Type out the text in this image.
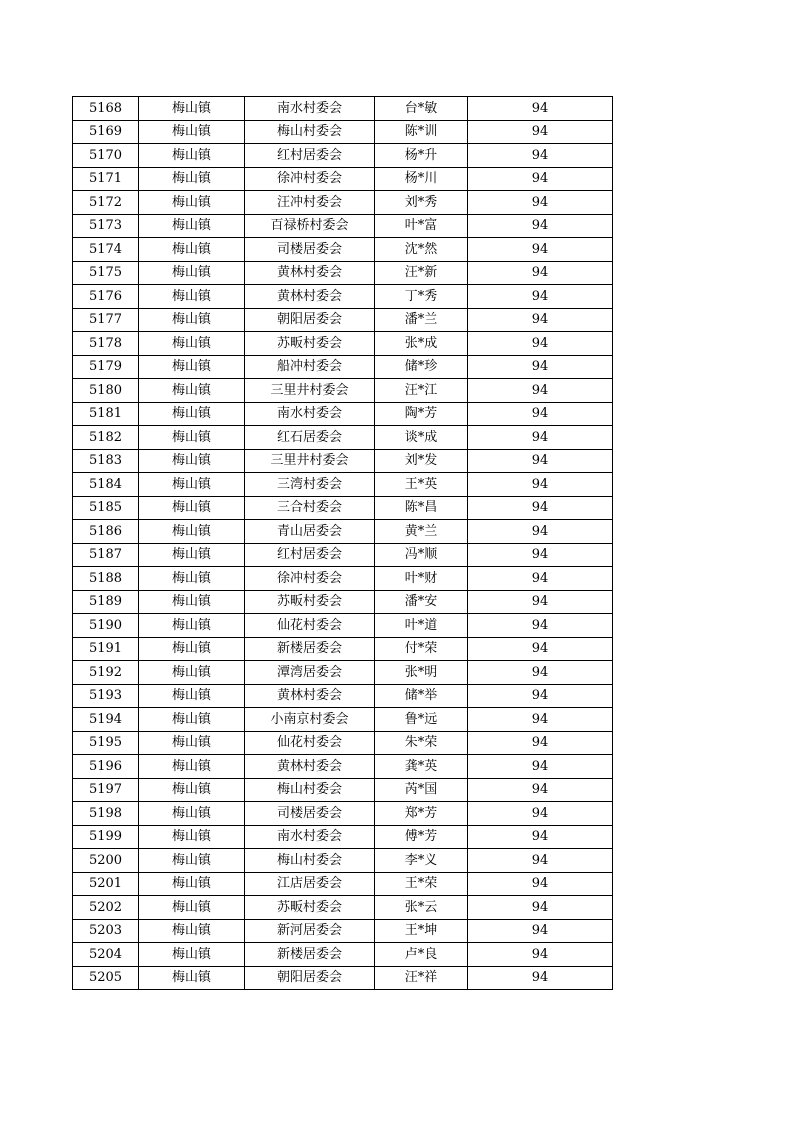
5168	梅山镇	南水村委会	台*敏	94
5169	梅山镇	梅山村委会	陈*训	94
5170	梅山镇	红村居委会	杨*升	94
5171	梅山镇	徐冲村委会	杨*川	94
5172	梅山镇	汪冲村委会	刘*秀	94
5173	梅山镇	百禄桥村委会	叶*富	94
5174	梅山镇	司楼居委会	沈*然	94
5175	梅山镇	黄林村委会	汪*新	94
5176	梅山镇	黄林村委会	丁*秀	94
5177	梅山镇	朝阳居委会	潘*兰	94
5178	梅山镇	苏畈村委会	张*成	94
5179	梅山镇	船冲村委会	储*珍	94
5180	梅山镇	三里井村委会	汪*江	94
5181	梅山镇	南水村委会	陶*芳	94
5182	梅山镇	红石居委会	谈*成	94
5183	梅山镇	三里井村委会	刘*发	94
5184	梅山镇	三湾村委会	王*英	94
5185	梅山镇	三合村委会	陈*昌	94
5186	梅山镇	青山居委会	黄*兰	94
5187	梅山镇	红村居委会	冯*顺	94
5188	梅山镇	徐冲村委会	叶*财	94
5189	梅山镇	苏畈村委会	潘*安	94
5190	梅山镇	仙花村委会	叶*道	94
5191	梅山镇	新楼居委会	付*荣	94
5192	梅山镇	潭湾居委会	张*明	94
5193	梅山镇	黄林村委会	储*举	94
5194	梅山镇	小南京村委会	鲁*远	94
5195	梅山镇	仙花村委会	朱*荣	94
5196	梅山镇	黄林村委会	龚*英	94
5197	梅山镇	梅山村委会	芮*国	94
5198	梅山镇	司楼居委会	郑*芳	94
5199	梅山镇	南水村委会	傅*芳	94
5200	梅山镇	梅山村委会	李*义	94
5201	梅山镇	江店居委会	王*荣	94
5202	梅山镇	苏畈村委会	张*云	94
5203	梅山镇	新河居委会	王*坤	94
5204	梅山镇	新楼居委会	卢*良	94
5205	梅山镇	朝阳居委会	汪*祥	94
